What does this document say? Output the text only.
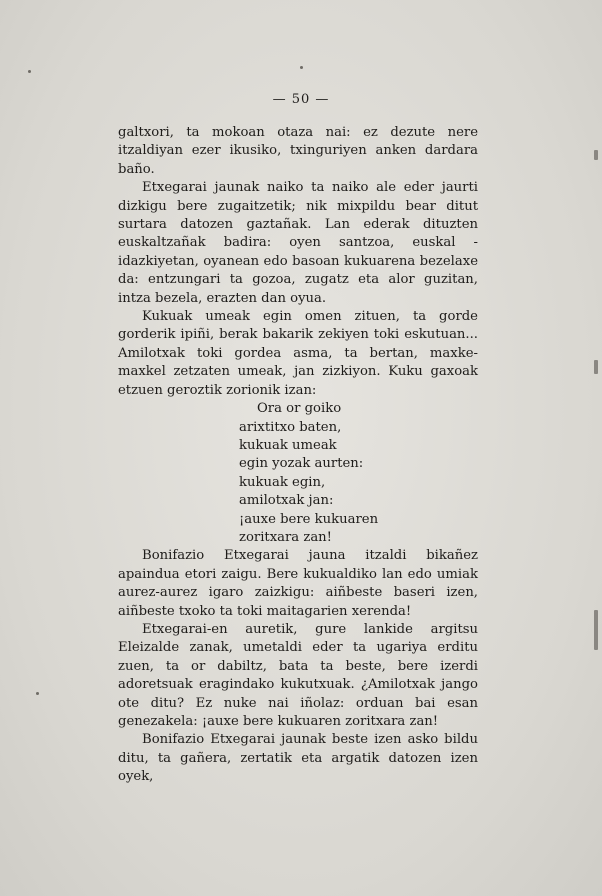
— 50 —

galtxori, ta mokoan otaza nai: ez dezute nere itzaldiyan ezer ikusiko, txinguriyen anken dardara baño.

Etxegarai jaunak naiko ta naiko ale eder jaurti dizkigu bere zugaitzetik; nik mixpildu bear ditut surtara datozen gaztañak. Lan ederak dituzten euskaltzañak badira: oyen santzoa, euskal - idazkiyetan, oyanean edo basoan kukuarena bezelaxe da: entzungari ta gozoa, zugatz eta alor guzitan, intza bezela, erazten dan oyua.

Kukuak umeak egin omen zituen, ta gorde gorderik ipiñi, berak bakarik zekiyen toki eskutuan... Amilotxak toki gordea asma, ta bertan, maxke-maxkel zetzaten umeak, jan zizkiyon. Kuku gaxoak etzuen geroztik zorionik izan:

Ora or goiko
arixtitxo baten,
kukuak umeak
egin yozak aurten:
kukuak egin,
amilotxak jan:
¡auxe bere kukuaren
zoritxara zan!

Bonifazio Etxegarai jauna itzaldi bikañez apaindua etori zaigu. Bere kukualdiko lan edo umiak aurez-aurez igaro zaizkigu: aiñbeste baseri izen, aiñbeste txoko ta toki maitagarien xerenda!

Etxegarai-en auretik, gure lankide argitsu Eleizalde zanak, umetaldi eder ta ugariya erditu zuen, ta or dabiltz, bata ta beste, bere izerdi adoretsuak eragindako kukutxuak. ¿Amilotxak jango ote ditu? Ez nuke nai iñolaz: orduan bai esan genezakela: ¡auxe bere kukuaren zoritxara zan!

Bonifazio Etxegarai jaunak beste izen asko bildu ditu, ta gañera, zertatik eta argatik datozen izen oyek,
